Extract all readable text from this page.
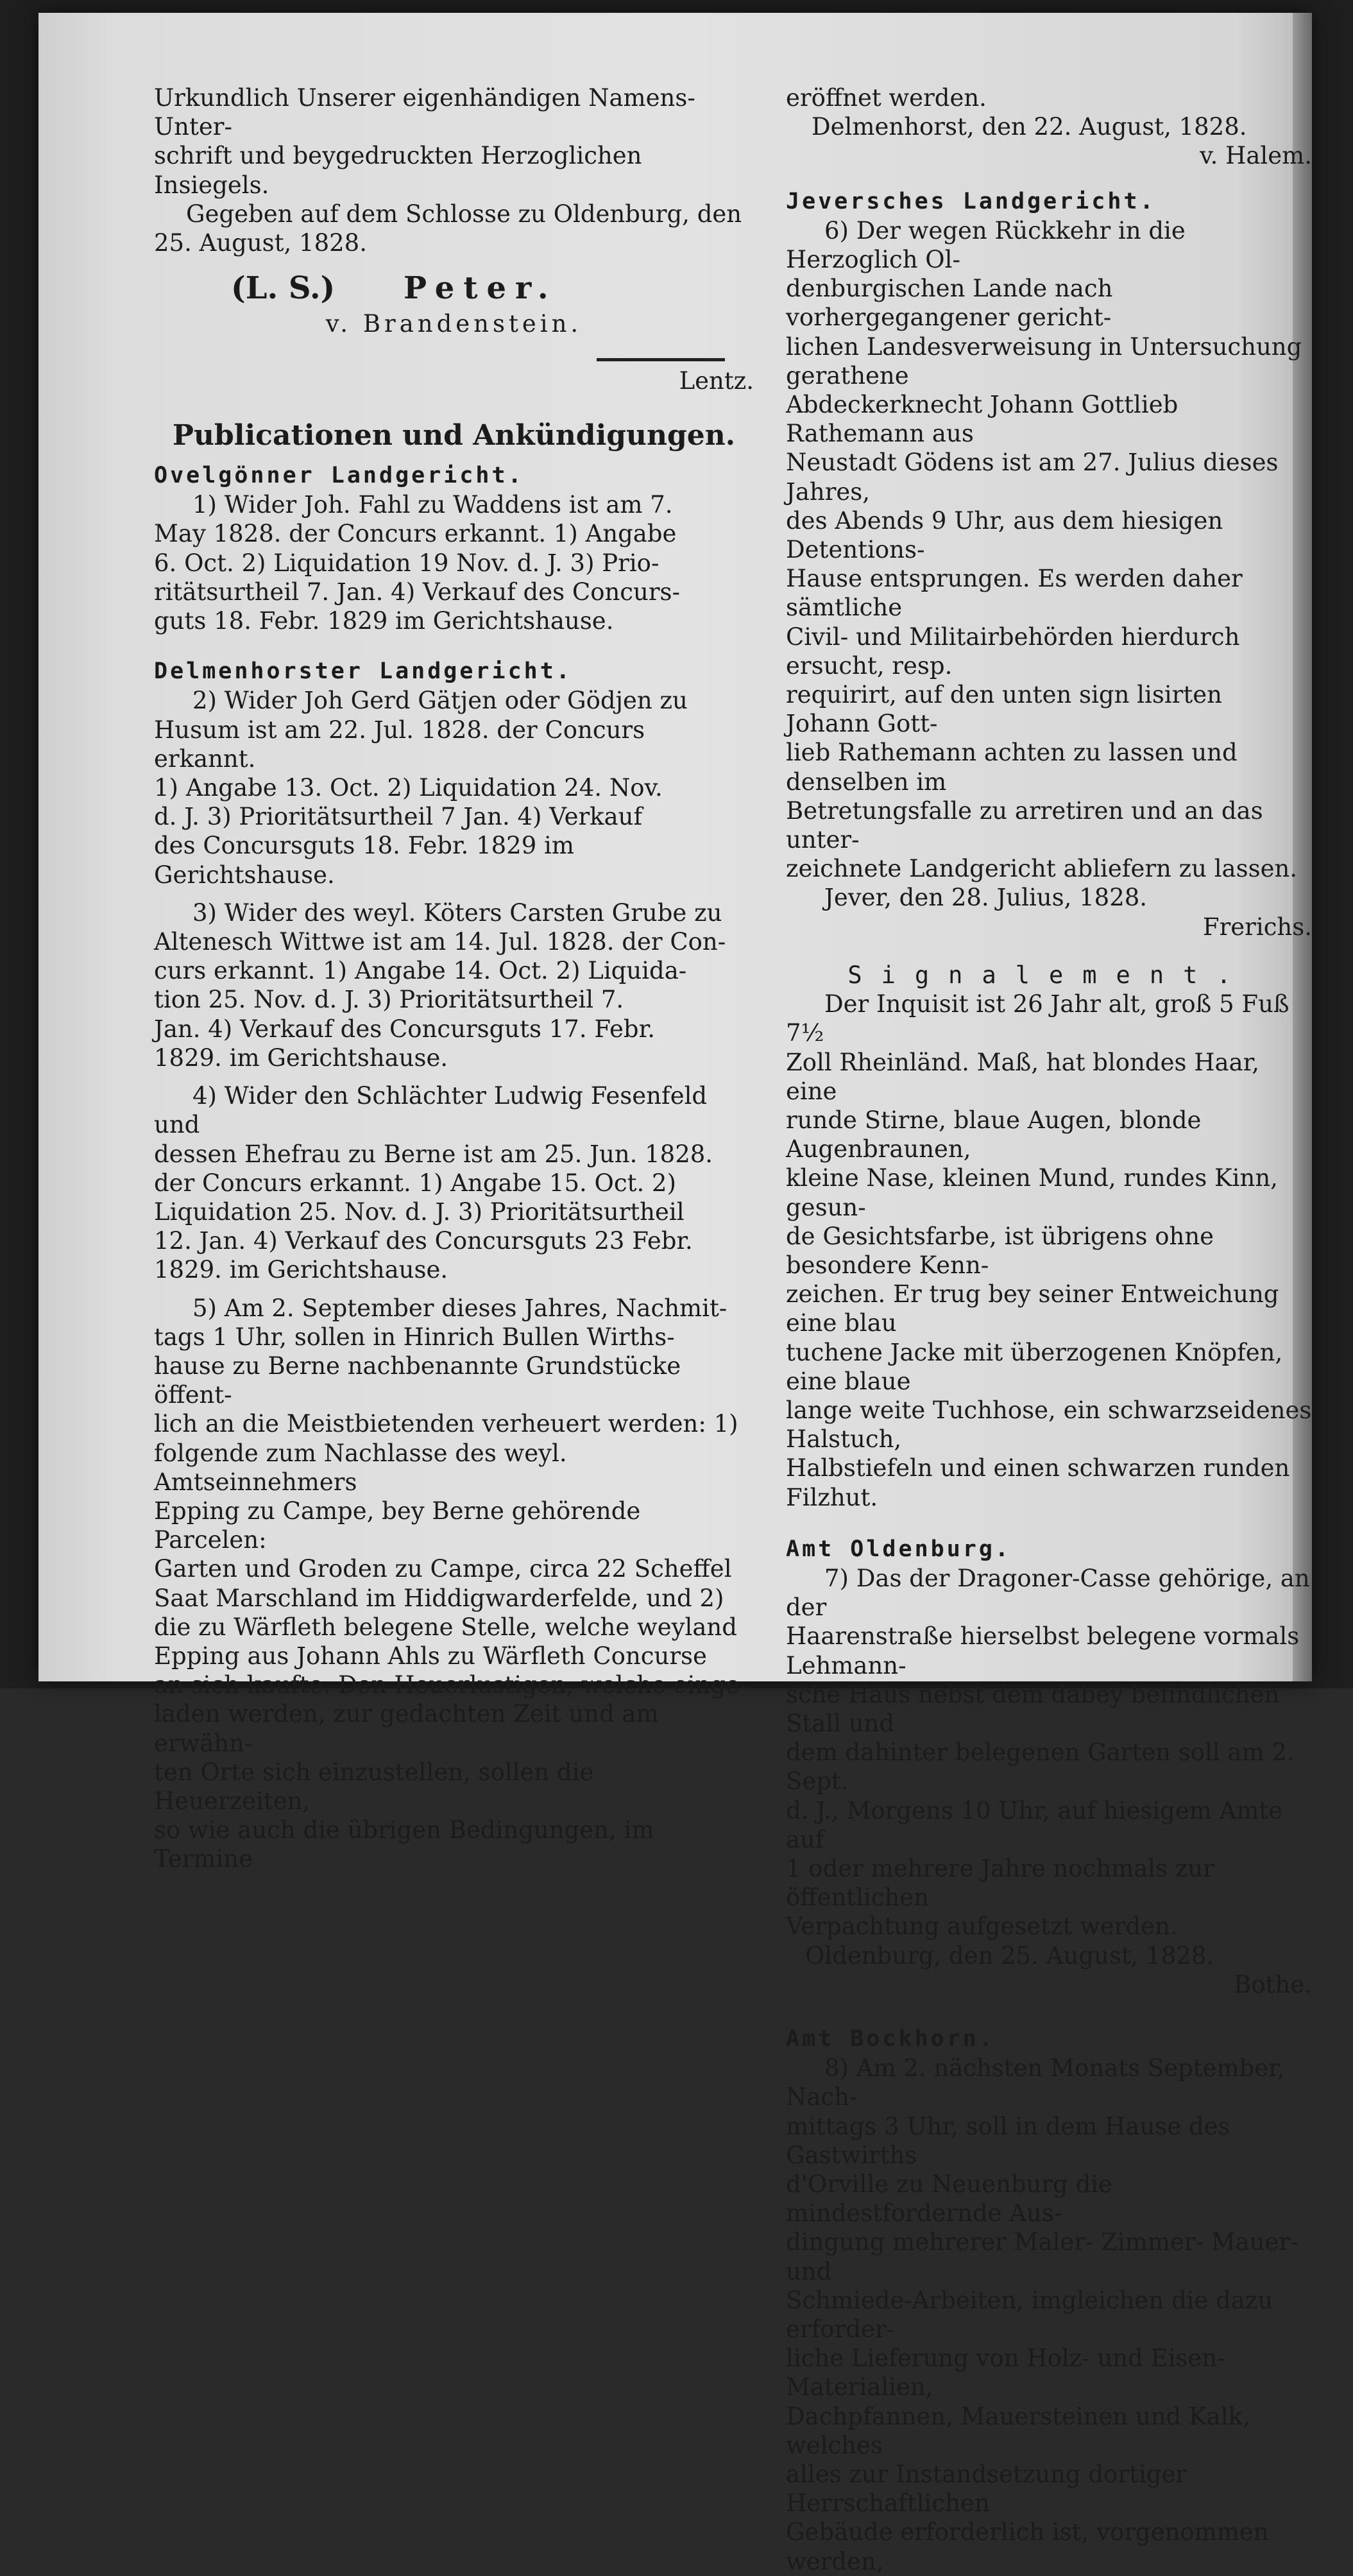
Urkundlich Unserer eigenhändigen Namens-Unter-
schrift und beygedruckten Herzoglichen Insiegels.
Gegeben auf dem Schlosse zu Oldenburg, den
25. August, 1828.
(L. S.) Peter.
v. Brandenstein.
Lentz.
Publicationen und Ankündigungen.
Ovelgönner Landgericht.
1) Wider Joh. Fahl zu Waddens ist am 7.
May 1828. der Concurs erkannt. 1) Angabe
6. Oct. 2) Liquidation 19 Nov. d. J. 3) Prio-
ritätsurtheil 7. Jan. 4) Verkauf des Concurs-
guts 18. Febr. 1829 im Gerichtshause.
Delmenhorster Landgericht.
2) Wider Joh Gerd Gätjen oder Gödjen zu
Husum ist am 22. Jul. 1828. der Concurs erkannt.
1) Angabe 13. Oct. 2) Liquidation 24. Nov.
d. J. 3) Prioritätsurtheil 7 Jan. 4) Verkauf
des Concursguts 18. Febr. 1829 im Gerichtshause.
3) Wider des weyl. Köters Carsten Grube zu
Altenesch Wittwe ist am 14. Jul. 1828. der Con-
curs erkannt. 1) Angabe 14. Oct. 2) Liquida-
tion 25. Nov. d. J. 3) Prioritätsurtheil 7.
Jan. 4) Verkauf des Concursguts 17. Febr.
1829. im Gerichtshause.
4) Wider den Schlächter Ludwig Fesenfeld und
dessen Ehefrau zu Berne ist am 25. Jun. 1828.
der Concurs erkannt. 1) Angabe 15. Oct. 2)
Liquidation 25. Nov. d. J. 3) Prioritätsurtheil
12. Jan. 4) Verkauf des Concursguts 23 Febr.
1829. im Gerichtshause.
5) Am 2. September dieses Jahres, Nachmit-
tags 1 Uhr, sollen in Hinrich Bullen Wirths-
hause zu Berne nachbenannte Grundstücke öffent-
lich an die Meistbietenden verheuert werden: 1)
folgende zum Nachlasse des weyl. Amtseinnehmers
Epping zu Campe, bey Berne gehörende Parcelen:
Garten und Groden zu Campe, circa 22 Scheffel
Saat Marschland im Hiddigwarderfelde, und 2)
die zu Wärfleth belegene Stelle, welche weyland
Epping aus Johann Ahls zu Wärfleth Concurse
an sich kaufte. Den Heuerlustigen, welche einge-
laden werden, zur gedachten Zeit und am erwähn-
ten Orte sich einzustellen, sollen die Heuerzeiten,
so wie auch die übrigen Bedingungen, im Termine
eröffnet werden.
Delmenhorst, den 22. August, 1828.
v. Halem.
Jeversches Landgericht.
6) Der wegen Rückkehr in die Herzoglich Ol-
denburgischen Lande nach vorhergegangener gericht-
lichen Landesverweisung in Untersuchung gerathene
Abdeckerknecht Johann Gottlieb Rathemann aus
Neustadt Gödens ist am 27. Julius dieses Jahres,
des Abends 9 Uhr, aus dem hiesigen Detentions-
Hause entsprungen. Es werden daher sämtliche
Civil- und Militairbehörden hierdurch ersucht, resp.
requirirt, auf den unten sign lisirten Johann Gott-
lieb Rathemann achten zu lassen und denselben im
Betretungsfalle zu arretiren und an das unter-
zeichnete Landgericht abliefern zu lassen.
Jever, den 28. Julius, 1828.
Frerichs.
Signalement.
Der Inquisit ist 26 Jahr alt, groß 5 Fuß 7½
Zoll Rheinländ. Maß, hat blondes Haar, eine
runde Stirne, blaue Augen, blonde Augenbraunen,
kleine Nase, kleinen Mund, rundes Kinn, gesun-
de Gesichtsfarbe, ist übrigens ohne besondere Kenn-
zeichen. Er trug bey seiner Entweichung eine blau
tuchene Jacke mit überzogenen Knöpfen, eine blaue
lange weite Tuchhose, ein schwarzseidenes Halstuch,
Halbstiefeln und einen schwarzen runden Filzhut.
Amt Oldenburg.
7) Das der Dragoner-Casse gehörige, an der
Haarenstraße hierselbst belegene vormals Lehmann-
sche Haus nebst dem dabey befindlichen Stall und
dem dahinter belegenen Garten soll am 2. Sept.
d. J., Morgens 10 Uhr, auf hiesigem Amte auf
1 oder mehrere Jahre nochmals zur öffentlichen
Verpachtung aufgesetzt werden.
Oldenburg, den 25. August, 1828.
Bothe.
Amt Bockhorn.
8) Am 2. nächsten Monats September, Nach-
mittags 3 Uhr, soll in dem Hause des Gastwirths
d'Orville zu Neuenburg die mindestfordernde Aus-
dingung mehrerer Maler- Zimmer- Mauer- und
Schmiede-Arbeiten, imgleichen die dazu erforder-
liche Lieferung von Holz- und Eisen-Materialien,
Dachpfannen, Mauersteinen und Kalk, welches
alles zur Instandsetzung dortiger Herrschaftlichen
Gebäude erforderlich ist, vorgenommen werden,
